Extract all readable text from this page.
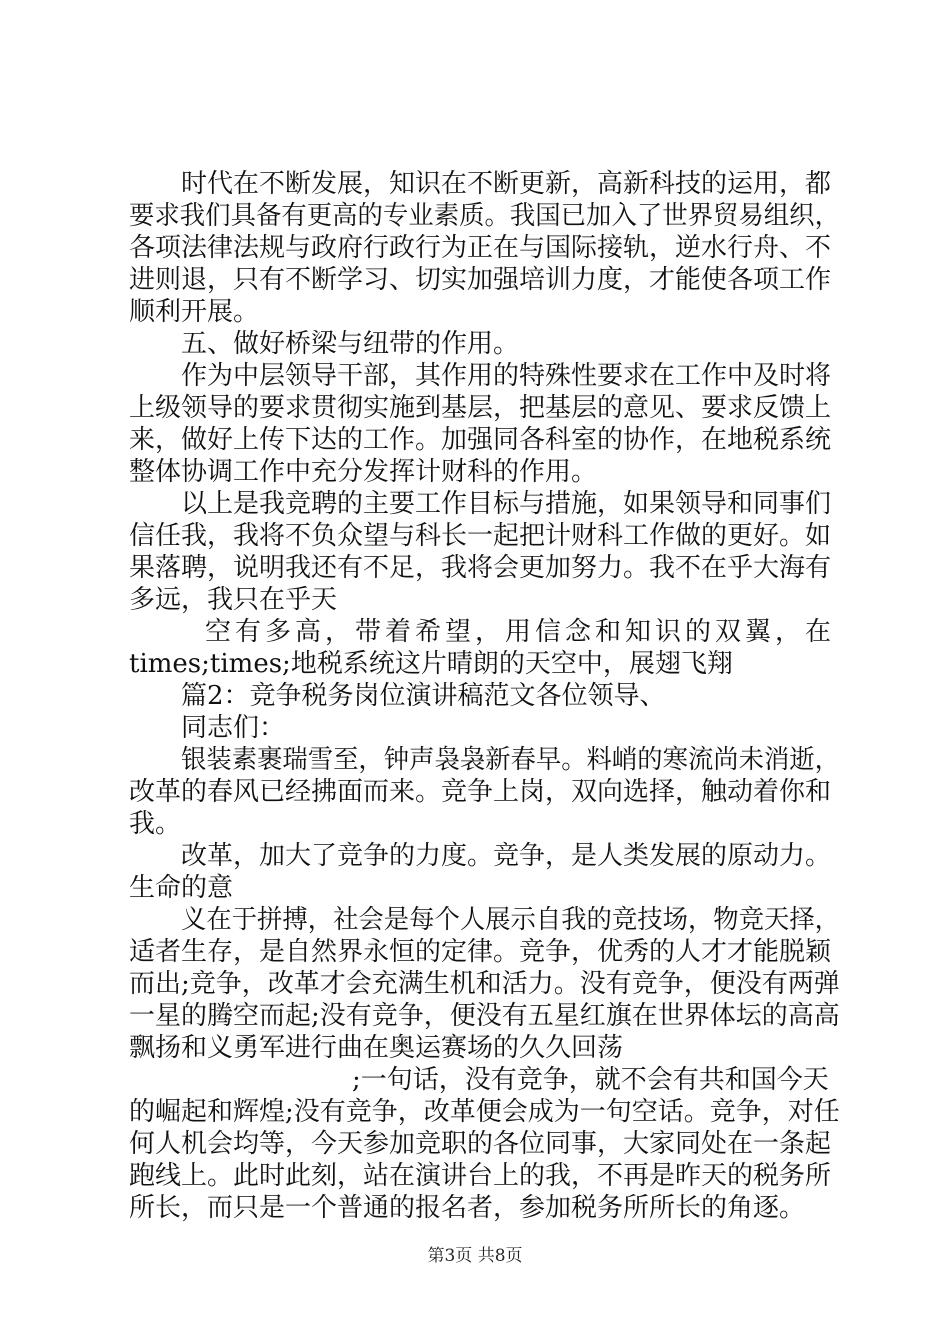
时代在不断发展，知识在不断更新，高新科技的运用，都
要求我们具备有更高的专业素质。我国已加入了世界贸易组织，
各项法律法规与政府行政行为正在与国际接轨，逆水行舟、不
进则退，只有不断学习、切实加强培训力度，才能使各项工作
顺利开展。
五、做好桥梁与纽带的作用。
作为中层领导干部，其作用的特殊性要求在工作中及时将
上级领导的要求贯彻实施到基层，把基层的意见、要求反馈上
来，做好上传下达的工作。加强同各科室的协作，在地税系统
整体协调工作中充分发挥计财科的作用。
以上是我竞聘的主要工作目标与措施，如果领导和同事们
信任我，我将不负众望与科长一起把计财科工作做的更好。如
果落聘，说明我还有不足，我将会更加努力。我不在乎大海有
多远，我只在乎天
空有多高，带着希望，用信念和知识的双翼，在
times;times;地税系统这片晴朗的天空中，展翅飞翔
篇2：竞争税务岗位演讲稿范文各位领导、
同志们：
银装素裹瑞雪至，钟声袅袅新春早。料峭的寒流尚未消逝，
改革的春风已经拂面而来。竞争上岗，双向选择，触动着你和
我。
改革，加大了竞争的力度。竞争，是人类发展的原动力。
生命的意
义在于拼搏，社会是每个人展示自我的竞技场，物竞天择，
适者生存，是自然界永恒的定律。竞争，优秀的人才才能脱颖
而出;竞争，改革才会充满生机和活力。没有竞争，便没有两弹
一星的腾空而起;没有竞争，便没有五星红旗在世界体坛的高高
飘扬和义勇军进行曲在奥运赛场的久久回荡
;一句话，没有竞争，就不会有共和国今天
的崛起和辉煌;没有竞争，改革便会成为一句空话。竞争，对任
何人机会均等，今天参加竞职的各位同事，大家同处在一条起
跑线上。此时此刻，站在演讲台上的我，不再是昨天的税务所
所长，而只是一个普通的报名者，参加税务所所长的角逐。
第3页 共8页
